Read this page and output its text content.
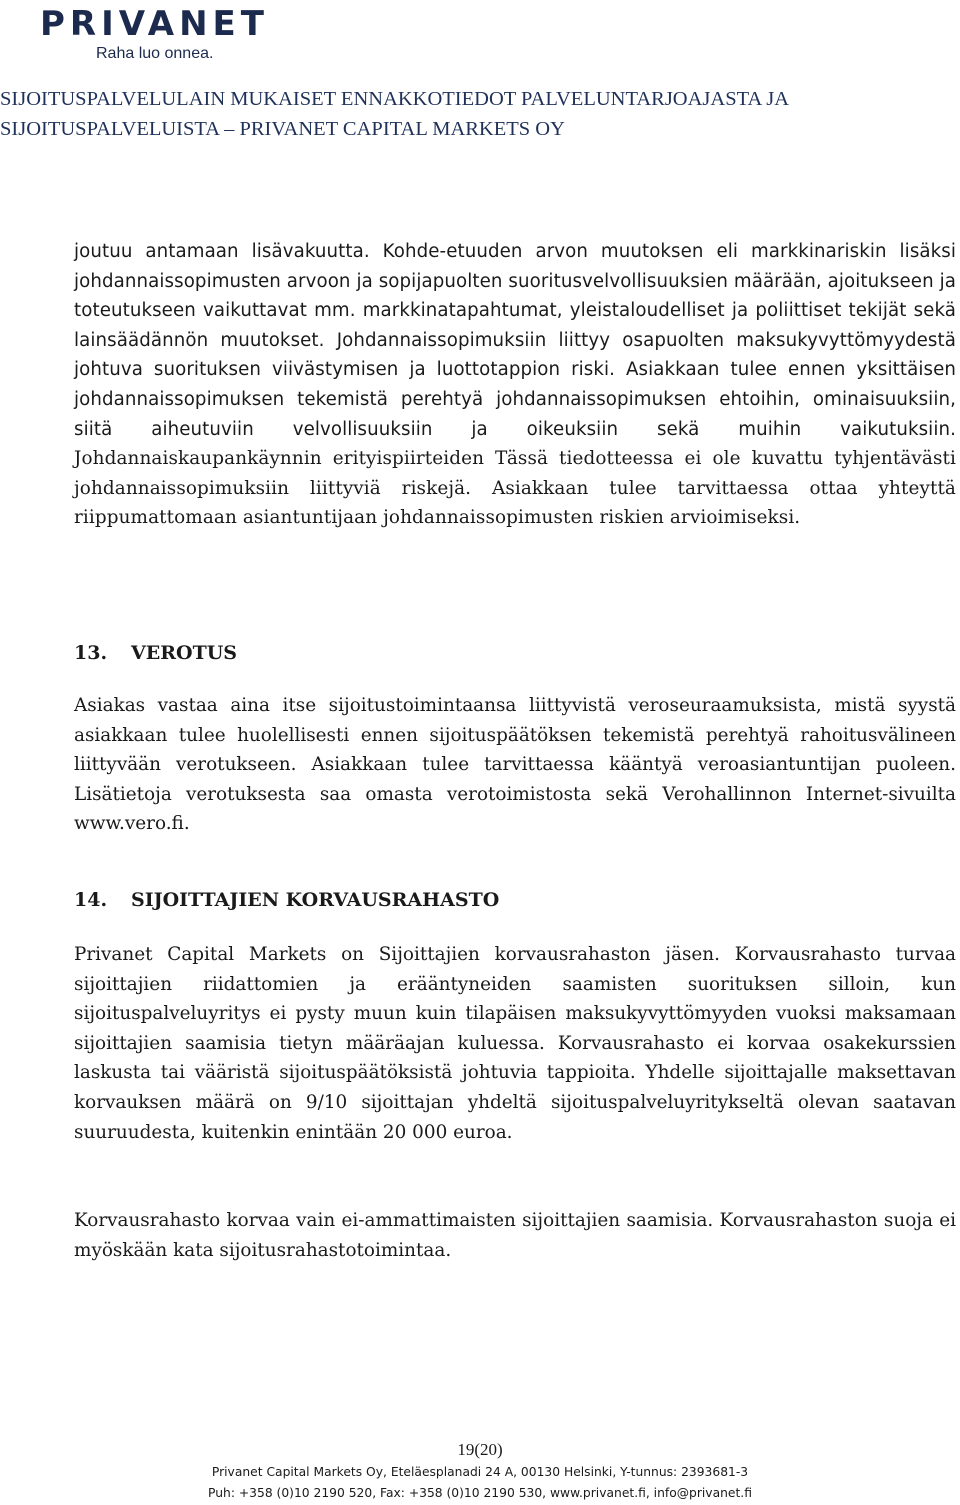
PRIVANET
Raha luo onnea.
SIJOITUSPALVELULAIN MUKAISET ENNAKKOTIEDOT PALVELUNTARJOAJASTA JA SIJOITUSPALVELUISTA – PRIVANET CAPITAL MARKETS OY

joutuu antamaan lisävakuutta. Kohde-etuuden arvon muutoksen eli markkinariskin lisäksi johdannaissopimusten arvoon ja sopijapuolten suoritusvelvollisuuksien määrään, ajoitukseen ja toteutukseen vaikuttavat mm. markkinatapahtumat, yleistaloudelliset ja poliittiset tekijät sekä lainsäädännön muutokset. Johdannaissopimuksiin liittyy osapuolten maksukyvyttömyydestä johtuva suorituksen viivästymisen ja luottotappion riski. Asiakkaan tulee ennen yksittäisen johdannaissopimuksen tekemistä perehtyä johdannaissopimuksen ehtoihin, ominaisuuksiin, siitä aiheutuviin velvollisuuksiin ja oikeuksiin sekä muihin vaikutuksiin. Johdannaiskaupankäynnin erityispiirteiden Tässä tiedotteessa ei ole kuvattu tyhjentävästi johdannaissopimuksiin liittyviä riskejä. Asiakkaan tulee tarvittaessa ottaa yhteyttä riippumattomaan asiantuntijaan johdannaissopimusten riskien arvioimiseksi.

13. VEROTUS

Asiakas vastaa aina itse sijoitustoimintaansa liittyvistä veroseuraamuksista, mistä syystä asiakkaan tulee huolellisesti ennen sijoituspäätöksen tekemistä perehtyä rahoitusvälineen liittyvään verotukseen. Asiakkaan tulee tarvittaessa kääntyä veroasiantuntijan puoleen. Lisätietoja verotuksesta saa omasta verotoimistosta sekä Verohallinnon Internet-sivuilta www.vero.fi.

14. SIJOITTAJIEN KORVAUSRAHASTO

Privanet Capital Markets on Sijoittajien korvausrahaston jäsen. Korvausrahasto turvaa sijoittajien riidattomien ja erääntyneiden saamisten suorituksen silloin, kun sijoituspalveluyritys ei pysty muun kuin tilapäisen maksukyvyttömyyden vuoksi maksamaan sijoittajien saamisia tietyn määräajan kuluessa. Korvausrahasto ei korvaa osakekurssien laskusta tai vääristä sijoituspäätöksistä johtuvia tappioita. Yhdelle sijoittajalle maksettavan korvauksen määrä on 9/10 sijoittajan yhdeltä sijoituspalveluyritykseltä olevan saatavan suuruudesta, kuitenkin enintään 20 000 euroa.

Korvausrahasto korvaa vain ei-ammattimaisten sijoittajien saamisia. Korvausrahaston suoja ei myöskään kata sijoitusrahastotoimintaa.

19(20)
Privanet Capital Markets Oy, Eteläesplanadi 24 A, 00130 Helsinki, Y-tunnus: 2393681-3
Puh: +358 (0)10 2190 520, Fax: +358 (0)10 2190 530, www.privanet.fi, info@privanet.fi
